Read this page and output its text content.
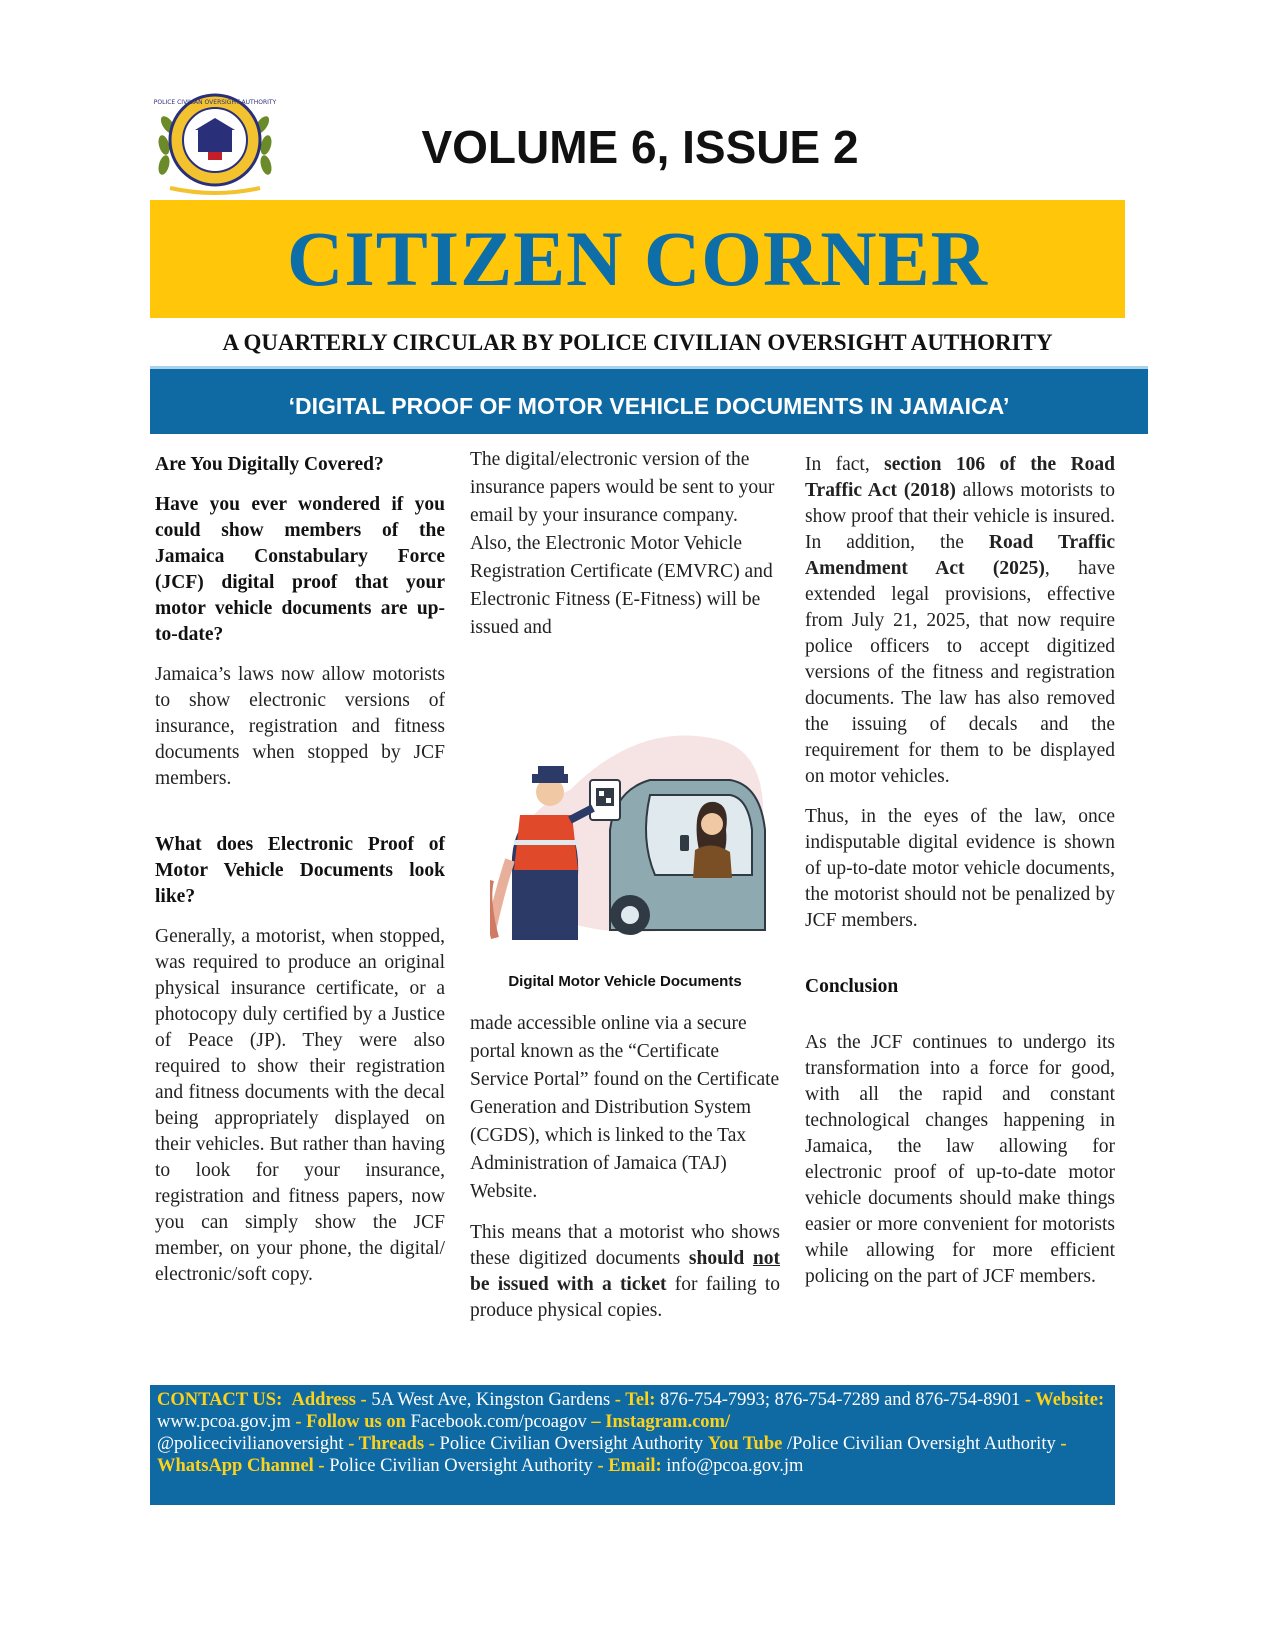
POLICE CIVILIAN OVERSIGHT AUTHORITY
VOLUME 6, ISSUE 2
CITIZEN CORNER
A QUARTERLY CIRCULAR BY POLICE CIVILIAN OVERSIGHT AUTHORITY
‘DIGITAL PROOF OF MOTOR VEHICLE DOCUMENTS IN JAMAICA’

Are You Digitally Covered?

Have you ever wondered if you could show members of the Jamaica Constabulary Force (JCF) digital proof that your motor vehicle documents are up-to-date?

Jamaica’s laws now allow motorists to show electronic versions of insurance, registration and fitness documents when stopped by JCF members.

What does Electronic Proof of Motor Vehicle Documents look like?

Generally, a motorist, when stopped, was required to produce an original physical insurance certificate, or a photocopy duly certified by a Justice of Peace (JP). They were also required to show their registration and fitness documents with the decal being appropriately displayed on their vehicles. But rather than having to look for your insurance, registration and fitness papers, now you can simply show the JCF member, on your phone, the digital/ electronic/soft copy.

The digital/electronic version of the insurance papers would be sent to your email by your insurance company. Also, the Electronic Motor Vehicle Registration Certificate (EMVRC) and Electronic Fitness (E-Fitness) will be issued and

Digital Motor Vehicle Documents

made accessible online via a secure portal known as the “Certificate Service Portal” found on the Certificate Generation and Distribution System (CGDS), which is linked to the Tax Administration of Jamaica (TAJ) Website.

This means that a motorist who shows these digitized documents should not be issued with a ticket for failing to produce physical copies.

In fact, section 106 of the Road Traffic Act (2018) allows motorists to show proof that their vehicle is insured. In addition, the Road Traffic Amendment Act (2025), have extended legal provisions, effective from July 21, 2025, that now require police officers to accept digitized versions of the fitness and registration documents. The law has also removed the issuing of decals and the requirement for them to be displayed on motor vehicles.

Thus, in the eyes of the law, once indisputable digital evidence is shown of up-to-date motor vehicle documents, the motorist should not be penalized by JCF members.

Conclusion

As the JCF continues to undergo its transformation into a force for good, with all the rapid and constant technological changes happening in Jamaica, the law allowing for electronic proof of up-to-date motor vehicle documents should make things easier or more convenient for motorists while allowing for more efficient policing on the part of JCF members.

CONTACT US: Address - 5A West Ave, Kingston Gardens - Tel: 876-754-7993; 876-754-7289 and 876-754-8901 - Website: www.pcoa.gov.jm - Follow us on Facebook.com/pcoagov – Instagram.com/
@policecivilianoversight - Threads - Police Civilian Oversight Authority You Tube /Police Civilian Oversight Authority - WhatsApp Channel - Police Civilian Oversight Authority - Email: info@pcoa.gov.jm
